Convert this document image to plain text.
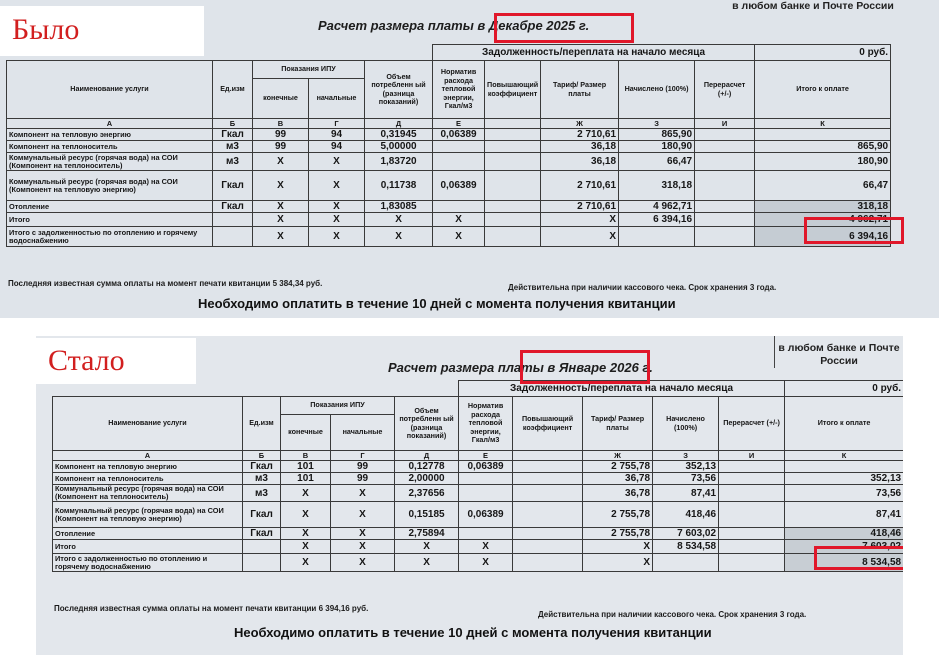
Было
в любом банке и Почте России
Расчет размера платы в Декабре 2025 г.
					Задолженность/переплата на начало месяца					0 руб.
Наименование услуги	Ед.изм	Показания ИПУ		Объем потребленн ый (разница показаний)	Норматив расхода тепловой энергии, Гкал/м3	Повышающий коэффициент	Тариф/ Размер платы	Начислено (100%)	Перерасчет (+/-)	Итого к оплате
		конечные	начальные							
А	Б	В	Г	Д	Е		Ж	З	И	К
Компонент на тепловую энергию	Гкал	99	94	0,31945	0,06389		2 710,61	865,90		
Компонент на теплоноситель	м3	99	94	5,00000			36,18	180,90		865,90
Коммунальный ресурс (горячая вода) на СОИ (Компонент на теплоноситель)	м3	X	X	1,83720			36,18	66,47		180,90
Коммунальный ресурс (горячая вода) на СОИ (Компонент на тепловую энергию)	Гкал	X	X	0,11738	0,06389		2 710,61	318,18		66,47
Отопление	Гкал	X	X	1,83085			2 710,61	4 962,71		318,18
Итого		X	X	X	X		X	6 394,16		4 962,71
Итого с задолженностью по отоплению и горячему водоснабжению		X	X	X	X		X			6 394,16
Последняя известная сумма оплаты на момент печати квитанции 5 384,34 руб.	Действительна при наличии кассового чека. Срок хранения 3 года.
Необходимо оплатить в течение 10 дней с момента получения квитанции
Стало	в любом банке и Почте России
Расчет размера платы в Январе 2026 г.
					Задолженность/переплата на начало месяца					0 руб.
Наименование услуги	Ед.изм	Показания ИПУ		Объем потребленн ый (разница показаний)	Норматив расхода тепловой энергии, Гкал/м3	Повышающий коэффициент	Тариф/ Размер платы	Начислено (100%)	Перерасчет (+/-)	Итого к оплате
		конечные	начальные							
А	Б	В	Г	Д	Е		Ж	З	И	К
Компонент на тепловую энергию	Гкал	101	99	0,12778	0,06389		2 755,78	352,13		
Компонент на теплоноситель	м3	101	99	2,00000			36,78	73,56		352,13
Коммунальный ресурс (горячая вода) на СОИ (Компонент на теплоноситель)	м3	X	X	2,37656			36,78	87,41		73,56
Коммунальный ресурс (горячая вода) на СОИ (Компонент на тепловую энергию)	Гкал	X	X	0,15185	0,06389		2 755,78	418,46		87,41
Отопление	Гкал	X	X	2,75894			2 755,78	7 603,02		418,46
Итого		X	X	X	X		X	8 534,58		7 603,02
Итого с задолженностью по отоплению и горячему водоснабжению		X	X	X	X		X			8 534,58
Последняя известная сумма оплаты на момент печати квитанции 6 394,16 руб.
Действительна при наличии кассового чека. Срок хранения 3 года.
Необходимо оплатить в течение 10 дней с момента получения квитанции
